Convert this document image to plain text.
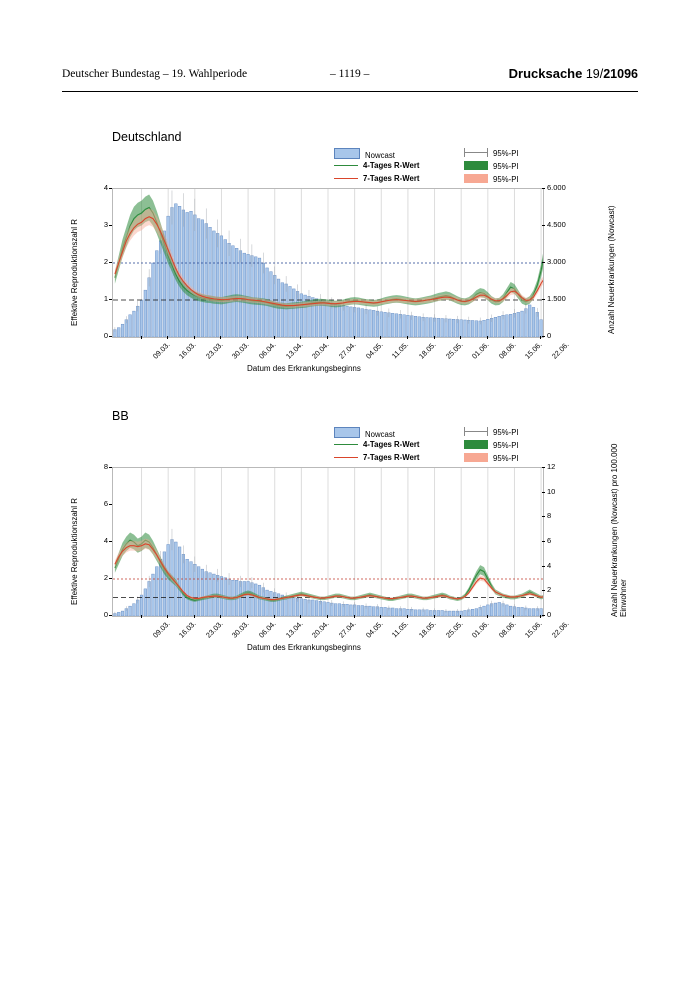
Deutscher Bundestag – 19. Wahlperiode	– 1119 –	Drucksache 19/21096
Deutschland
Nowcast
4-Tages R-Wert
7-Tages R-Wert
95%-PI
95%-PI
95%-PI
Effektive Reproduktionszahl R	Anzahl Neuerkrankungen (Nowcast)
0
1
2
3
4
0
1.500
3.000
4.500
6.000
09.03. 16.03. 23.03. 30.03. 06.04. 13.04. 20.04. 27.04. 04.05. 11.05. 18.05. 25.05. 01.06. 08.06. 15.06. 22.06.
Datum des Erkrankungsbeginns
BB
Nowcast
4-Tages R-Wert
7-Tages R-Wert
95%-PI
95%-PI
95%-PI
Effektive Reproduktionszahl R	Anzahl Neuerkrankungen (Nowcast) pro 100.000 Einwohner
0
2
4
6
8
0
2
4
6
8
10
12
09.03. 16.03. 23.03. 30.03. 06.04. 13.04. 20.04. 27.04. 04.05. 11.05. 18.05. 25.05. 01.06. 08.06. 15.06. 22.06.
Datum des Erkrankungsbeginns
